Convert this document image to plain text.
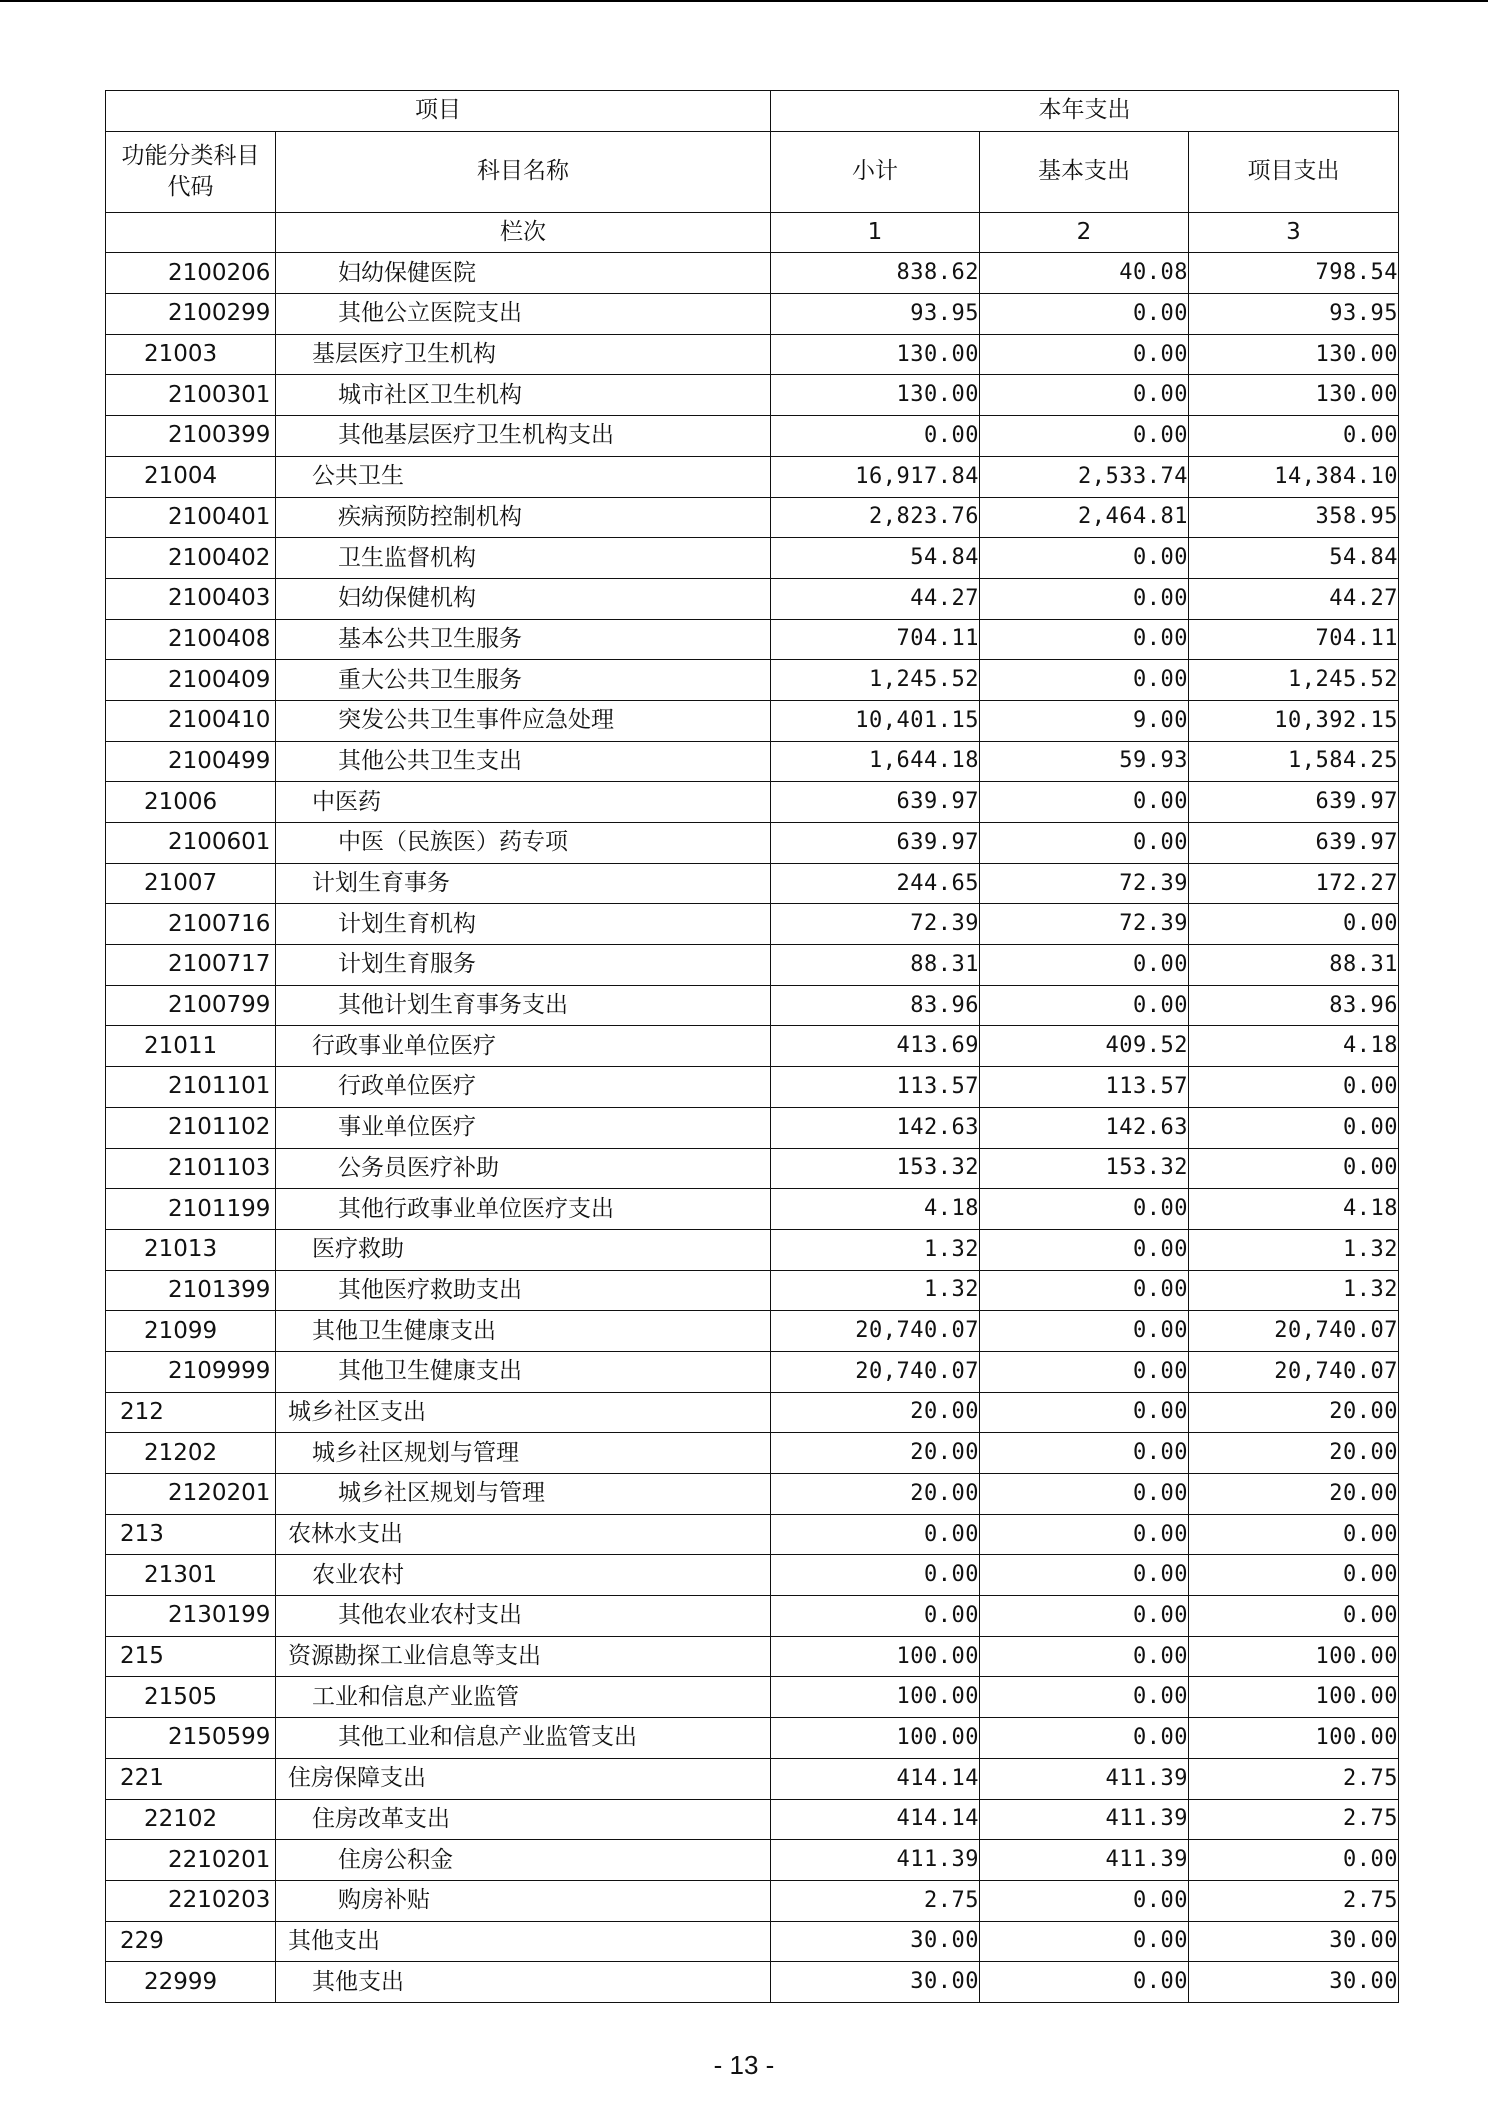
项目		本年支出		
功能分类科目
代码	科目名称	小计	基本支出	项目支出
	栏次	1	2	3
2100206	妇幼保健医院	838.62	40.08	798.54
2100299	其他公立医院支出	93.95	0.00	93.95
21003	基层医疗卫生机构	130.00	0.00	130.00
2100301	城市社区卫生机构	130.00	0.00	130.00
2100399	其他基层医疗卫生机构支出	0.00	0.00	0.00
21004	公共卫生	16,917.84	2,533.74	14,384.10
2100401	疾病预防控制机构	2,823.76	2,464.81	358.95
2100402	卫生监督机构	54.84	0.00	54.84
2100403	妇幼保健机构	44.27	0.00	44.27
2100408	基本公共卫生服务	704.11	0.00	704.11
2100409	重大公共卫生服务	1,245.52	0.00	1,245.52
2100410	突发公共卫生事件应急处理	10,401.15	9.00	10,392.15
2100499	其他公共卫生支出	1,644.18	59.93	1,584.25
21006	中医药	639.97	0.00	639.97
2100601	中医（民族医）药专项	639.97	0.00	639.97
21007	计划生育事务	244.65	72.39	172.27
2100716	计划生育机构	72.39	72.39	0.00
2100717	计划生育服务	88.31	0.00	88.31
2100799	其他计划生育事务支出	83.96	0.00	83.96
21011	行政事业单位医疗	413.69	409.52	4.18
2101101	行政单位医疗	113.57	113.57	0.00
2101102	事业单位医疗	142.63	142.63	0.00
2101103	公务员医疗补助	153.32	153.32	0.00
2101199	其他行政事业单位医疗支出	4.18	0.00	4.18
21013	医疗救助	1.32	0.00	1.32
2101399	其他医疗救助支出	1.32	0.00	1.32
21099	其他卫生健康支出	20,740.07	0.00	20,740.07
2109999	其他卫生健康支出	20,740.07	0.00	20,740.07
212	城乡社区支出	20.00	0.00	20.00
21202	城乡社区规划与管理	20.00	0.00	20.00
2120201	城乡社区规划与管理	20.00	0.00	20.00
213	农林水支出	0.00	0.00	0.00
21301	农业农村	0.00	0.00	0.00
2130199	其他农业农村支出	0.00	0.00	0.00
215	资源勘探工业信息等支出	100.00	0.00	100.00
21505	工业和信息产业监管	100.00	0.00	100.00
2150599	其他工业和信息产业监管支出	100.00	0.00	100.00
221	住房保障支出	414.14	411.39	2.75
22102	住房改革支出	414.14	411.39	2.75
2210201	住房公积金	411.39	411.39	0.00
2210203	购房补贴	2.75	0.00	2.75
229	其他支出	30.00	0.00	30.00
22999	其他支出	30.00	0.00	30.00
- 13 -
